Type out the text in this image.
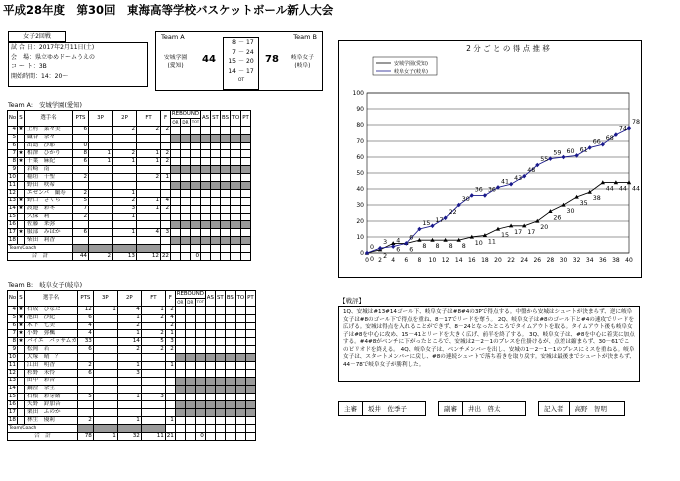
平成28年度　第30回　東海高等学校バスケットボール新人大会
女子2回戦
試 合 日：2017年2月11日(土)
会　場：県立ゆめドームうえの
コ ー ト：3B
開始時間：14：20～
Team A	Team B
安城学園
(愛知)
岐阜女子
(岐阜)
44	78
8 － 17
7 － 24
15 － 20
14 － 17
OT
Team A:　安城学園(愛知)
No	S	選手名	PTS	3P	2P	FT	F	REBOUND			AS	ST	BS	TO	PT
								OR	DR	TOT					
4	★	上村　菜々美	6		2	2	2								
5		織谷　奈々													
6		出島　沙耶	0												
7	★	相澤　ひかり	8	1	2	1	2								
8	★	千葉　麻紀	6	1	1	1	2								
9		岩崎　南													
10		稲垣　千聖	2			2	1								
11		野田　咲希													
12		エゼンバ　蘭寿	2		1										
13	★	野口　さくら	5		2	1	4								
14	★	渡邉　彩冬	7		3	1	2								
15		久保　莉	2		1										
16		佐藤　来弥													
17	★	服部　みはか	6		1	4	3								
18		柴田　莉香													
Team/Coach															
合　計			44	2	13	12	22			0					
Team B:　岐阜女子(岐阜)
No	S	選手名	PTS	3P	2P	FT	F	REBOUND			AS	ST	BS	TO	PT
								OR	DR	TOT					
4	★	石坂　ひなた	12	1	4	1	2								
5	★	池田　沙紀	6		1	2	4								
6	★	木下　七美	4		2		2								
7	★	小野　弥楓	4		1	2	1								
8	★	バイエ　バッサムカ	33		14	5	3								
9		松岡　若	6		2	2	2								
10		大塚　晴　？													
11		江田　明香	2		1		1								
12		杉野　未怜	6		3										
13		田中　彩音													
14		鍋澄　奈生													
15		石根　彩芽緒	5		1	3									
16		矢野　鈴加音													
17		栗田　ふのか													
18		林生　優莉	2		1		1								
Team/Coach															
合　計			78	1	32	11	21			0					
2 分 ご と の 得 点 推 移
0
10
20
30
40
50
60
70
80
90
100
0 2 4 6 8 10 12 14 16 18 20 22 24 26 28 30 32 34 36 38 40
安城学園(愛知)
岐阜女子(岐阜)
0 2
6 6 8 8 8 8 10 11
15 17 17
20
26
30
35
38
44 44 44
0
3 4 6
15 17
22
30
36 36
41 43
48
55
59 60 61
66 68
74
78
【戦評】
1Q、安城は#13#14ゴール下、岐阜女子は#8#4の3Pで得点する。中盤から安城はシュートが決まらず、逆に岐阜女子は#8のゴール下で得点を重ね、8－17でリードを奪う。 2Q、岐阜女子は#8のゴール下と#4の速攻でリードを広げる。安城は得点を入れることができず、8－24となったところでタイムアウトを取る。タイムアウト後も岐阜女子は#8を中心に攻め、15－41とリードを大きく広げ、前半を終了する。 3Q、岐阜女子は、#8を中心に着実に加点する。#4#8がベンチに下がったところで、安城は2－2－1のプレスを仕掛けるが、点差は縮まらず、30－61でこのピリオドを終える。 4Q、岐阜女子は、ベンチメンバーを出し、安城の1－2－1－1のプレスにミスを重ねる。岐阜女子は、スタートメンバーに戻し、#8の連続シュートで落ち着きを取り戻す。安城は最後までシュートが決まらず、44－78で岐阜女子が勝利した。
主審	坂井　佐季子	副審	井出　啓太	記入者	高野　智明
